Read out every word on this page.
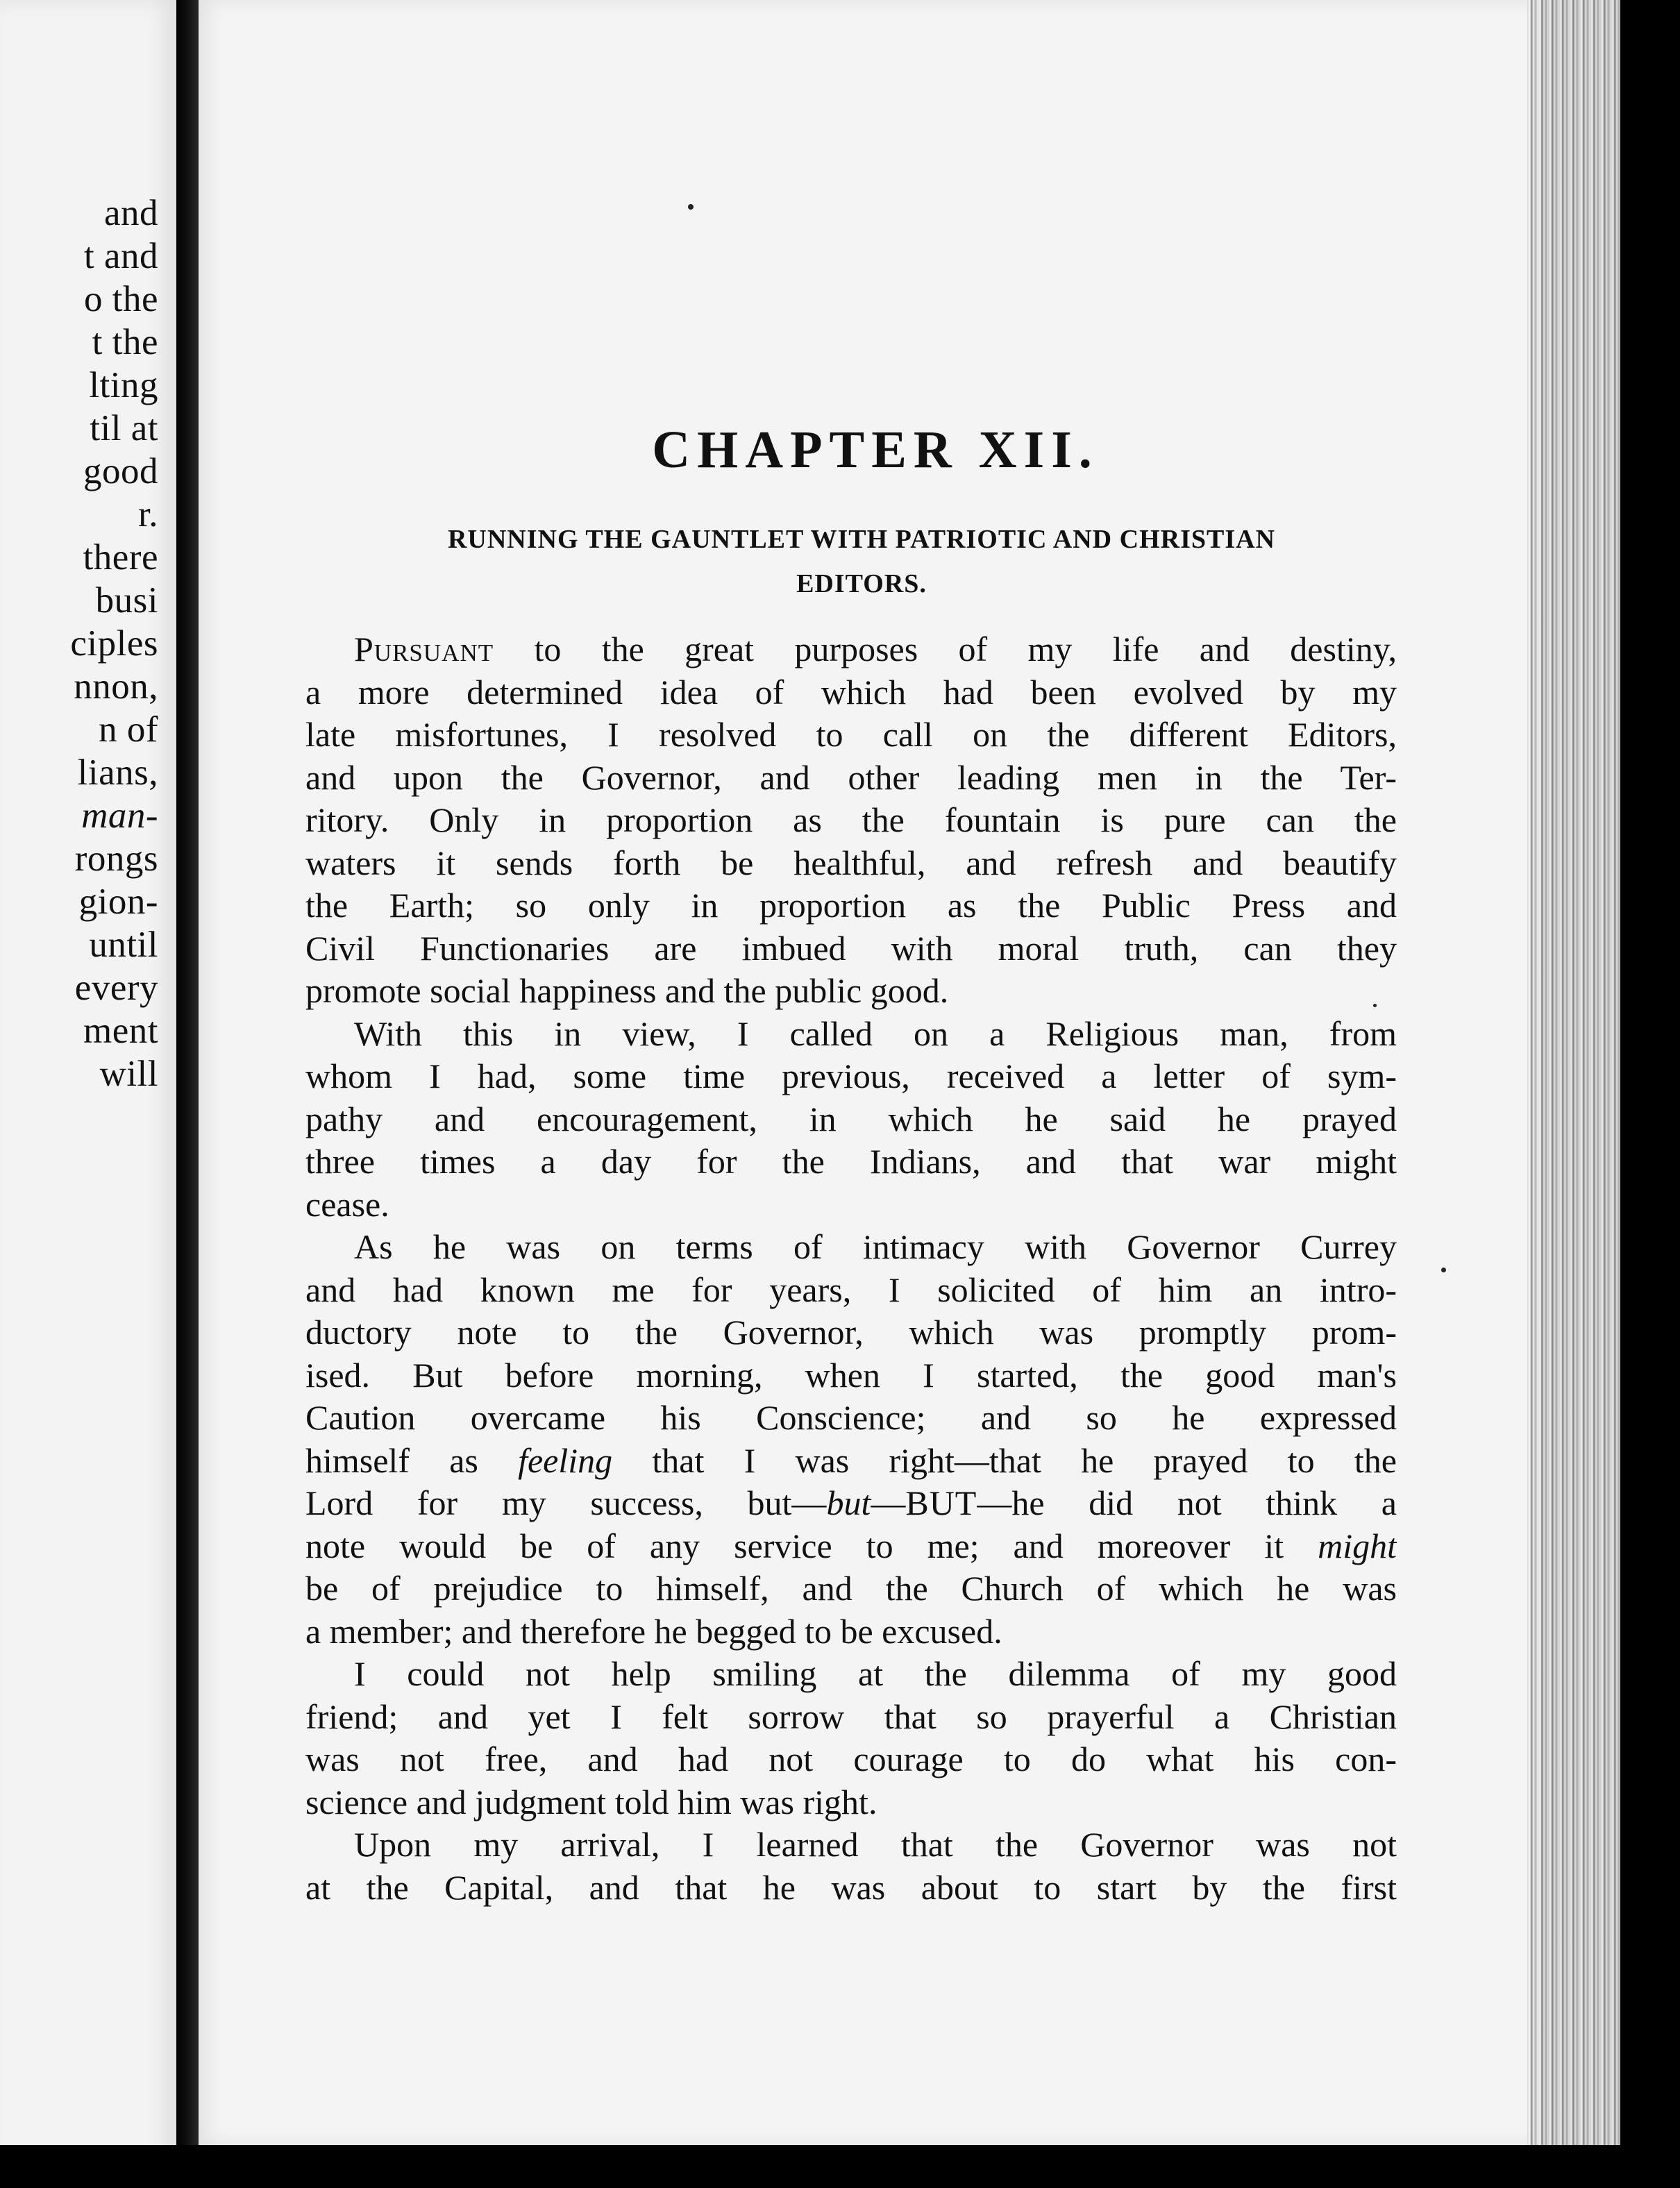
and
t and
o the
t the
lting
til at
good
r.
there
busi
ciples
nnon,
n of
lians,
man-
rongs
gion-
until
every
ment
will
CHAPTER XII.
RUNNING THE GAUNTLET WITH PATRIOTIC AND CHRISTIAN
EDITORS.
Pursuant to the great purposes of my life and destiny,
a more determined idea of which had been evolved by my
late misfortunes, I resolved to call on the different Editors,
and upon the Governor, and other leading men in the Ter-
ritory. Only in proportion as the fountain is pure can the
waters it sends forth be healthful, and refresh and beautify
the Earth; so only in proportion as the Public Press and
Civil Functionaries are imbued with moral truth, can they
promote social happiness and the public good.
With this in view, I called on a Religious man, from
whom I had, some time previous, received a letter of sym-
pathy and encouragement, in which he said he prayed
three times a day for the Indians, and that war might
cease.
As he was on terms of intimacy with Governor Currey
and had known me for years, I solicited of him an intro-
ductory note to the Governor, which was promptly prom-
ised. But before morning, when I started, the good man's
Caution overcame his Conscience; and so he expressed
himself as feeling that I was right—that he prayed to the
Lord for my success, but—but—BUT—he did not think a
note would be of any service to me; and moreover it might
be of prejudice to himself, and the Church of which he was
a member; and therefore he begged to be excused.
I could not help smiling at the dilemma of my good
friend; and yet I felt sorrow that so prayerful a Christian
was not free, and had not courage to do what his con-
science and judgment told him was right.
Upon my arrival, I learned that the Governor was not
at the Capital, and that he was about to start by the first
